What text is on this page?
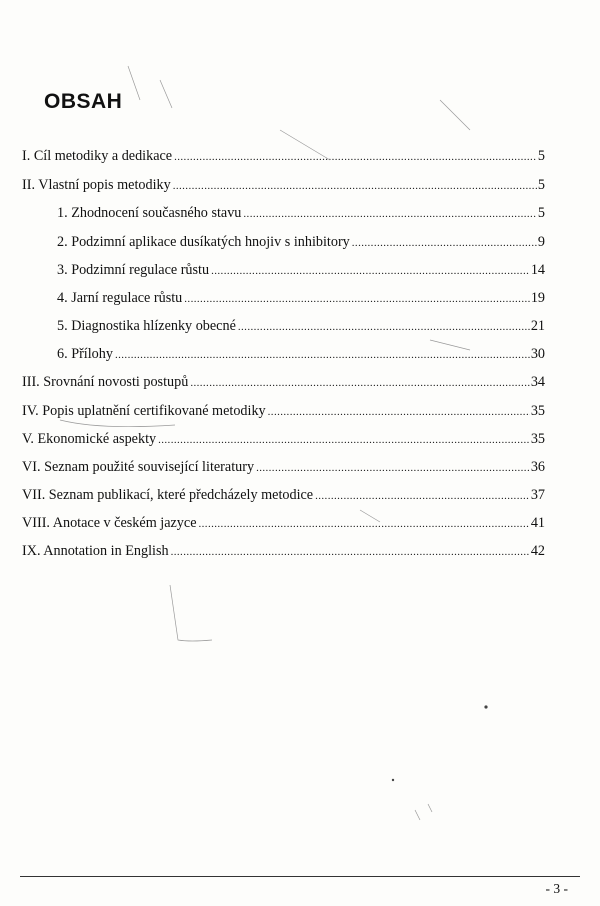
OBSAH
I. Cíl metodiky a dedikace .....	5
II. Vlastní popis metodiky .....	5
1. Zhodnocení současného stavu .....	5
2. Podzimní aplikace dusíkatých hnojiv s inhibitory .....	9
3. Podzimní regulace růstu .....	14
4. Jarní regulace růstu .....	19
5. Diagnostika hlízenky obecné .....	21
6. Přílohy .....	30
III. Srovnání novosti postupů .....	34
IV. Popis uplatnění certifikované metodiky .....	35
V. Ekonomické aspekty .....	35
VI. Seznam použité související literatury .....	36
VII. Seznam publikací, které předcházely metodice .....	37
VIII. Anotace v českém jazyce .....	41
IX. Annotation in English .....	42
- 3 -
